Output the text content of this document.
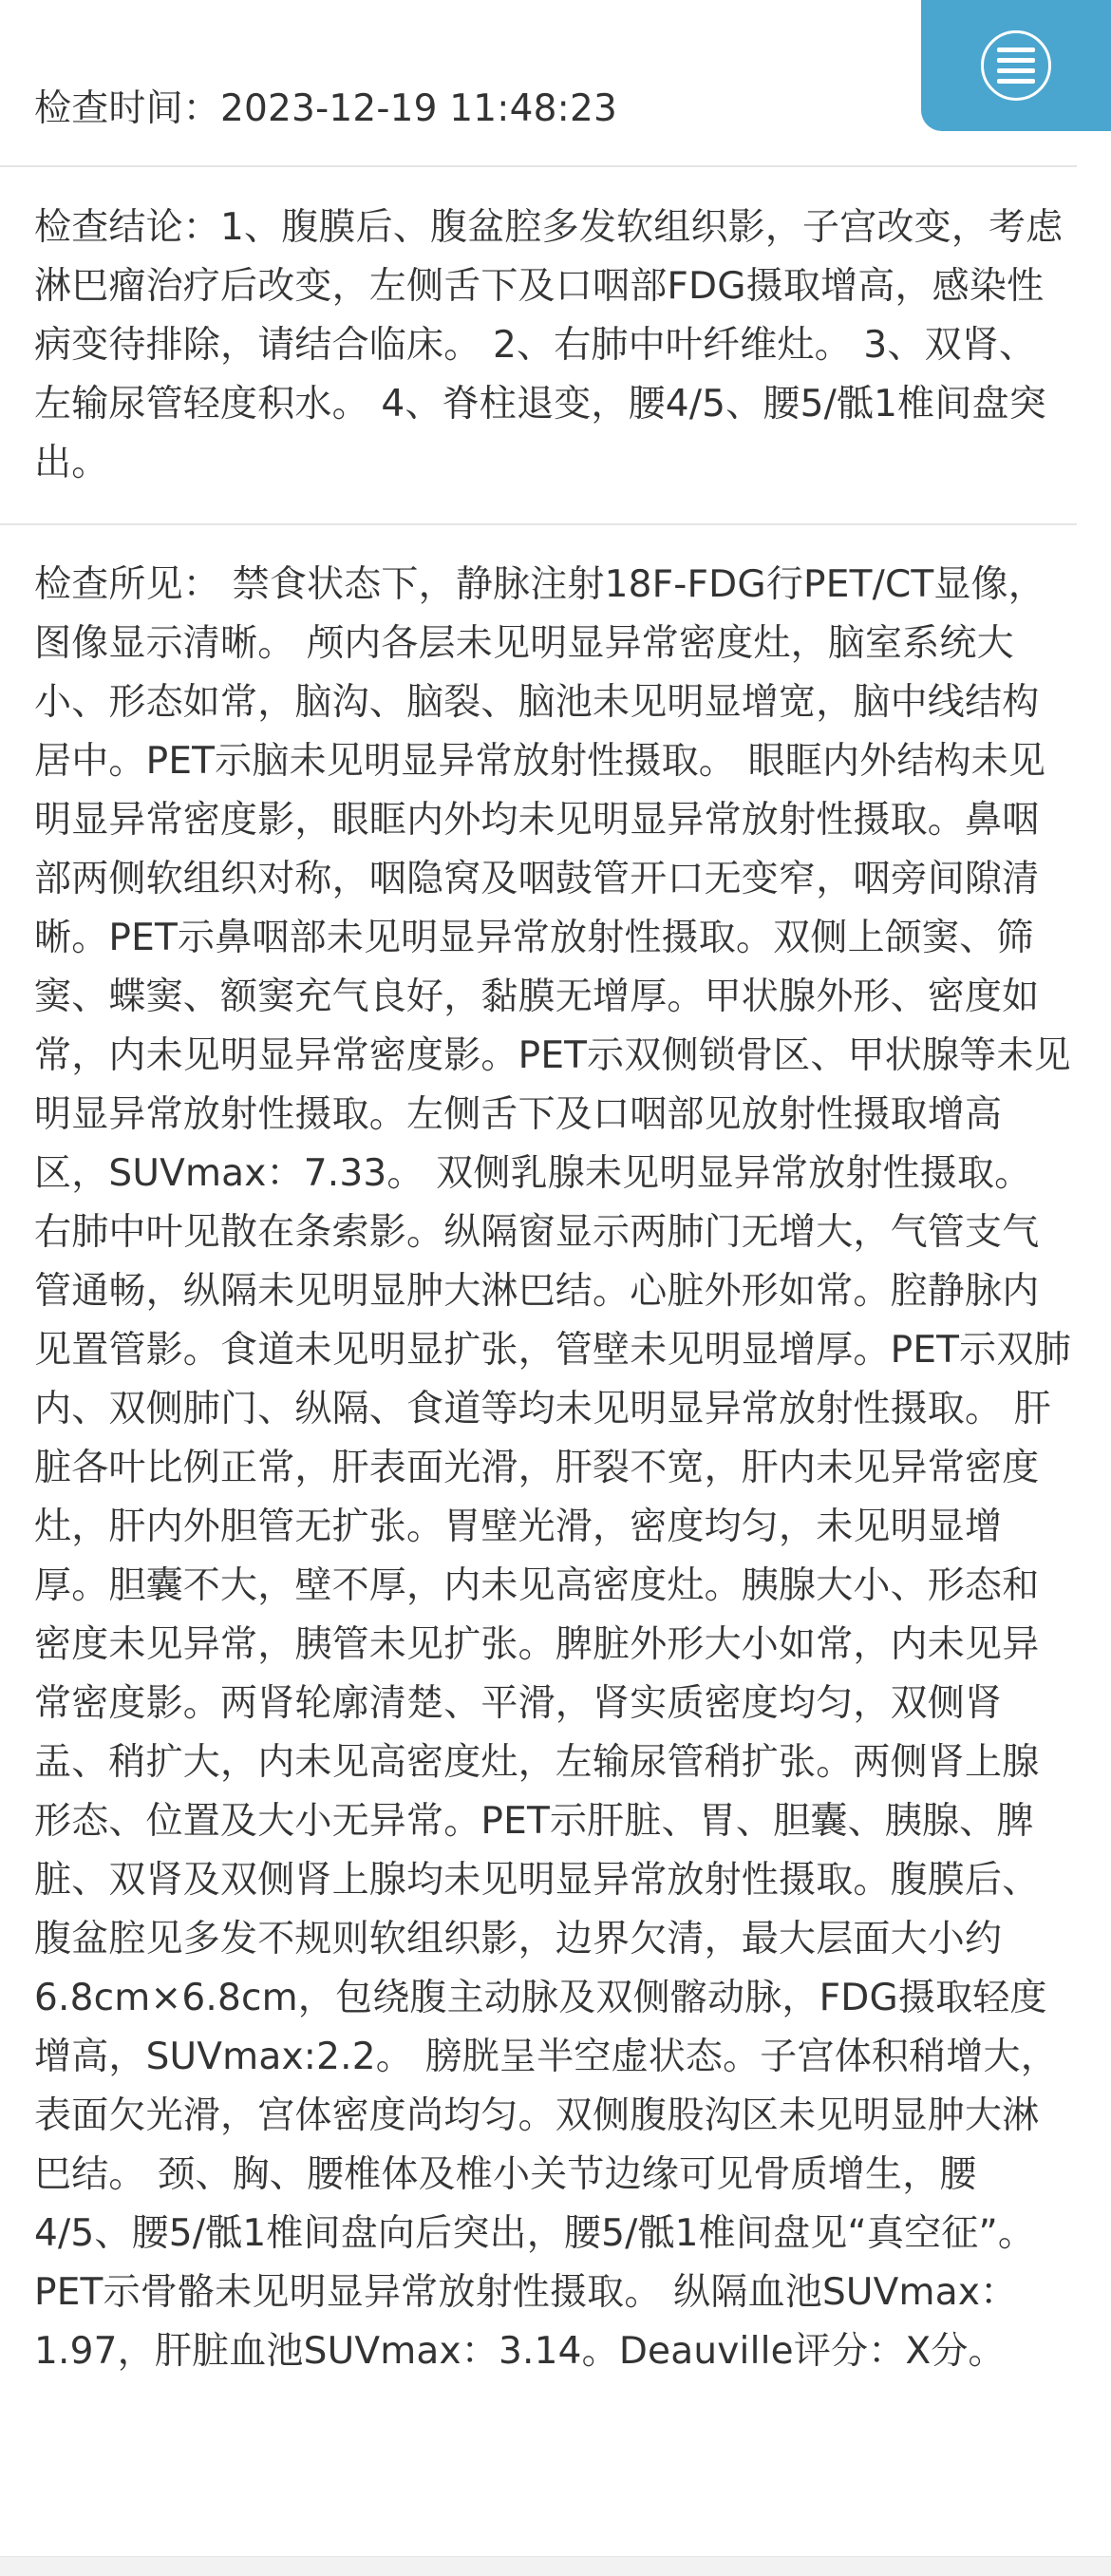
检查时间：2023-12-19 11:48:23
检查结论：1、腹膜后、腹盆腔多发软组织影，子宫改变，考虑淋巴瘤治疗后改变，左侧舌下及口咽部FDG摄取增高，感染性病变待排除，请结合临床。 2、右肺中叶纤维灶。 3、双肾、左输尿管轻度积水。 4、脊柱退变，腰4/5、腰5/骶1椎间盘突出。
检查所见： 禁食状态下，静脉注射18F-FDG行PET/CT显像，图像显示清晰。 颅内各层未见明显异常密度灶，脑室系统大小、形态如常，脑沟、脑裂、脑池未见明显增宽，脑中线结构居中。PET示脑未见明显异常放射性摄取。 眼眶内外结构未见明显异常密度影，眼眶内外均未见明显异常放射性摄取。鼻咽部两侧软组织对称，咽隐窝及咽鼓管开口无变窄，咽旁间隙清晰。PET示鼻咽部未见明显异常放射性摄取。双侧上颌窦、筛窦、蝶窦、额窦充气良好，黏膜无增厚。甲状腺外形、密度如常，内未见明显异常密度影。PET示双侧锁骨区、甲状腺等未见明显异常放射性摄取。左侧舌下及口咽部见放射性摄取增高区，SUVmax：7.33。 双侧乳腺未见明显异常放射性摄取。 右肺中叶见散在条索影。纵隔窗显示两肺门无增大，气管支气管通畅，纵隔未见明显肿大淋巴结。心脏外形如常。腔静脉内见置管影。食道未见明显扩张，管壁未见明显增厚。PET示双肺内、双侧肺门、纵隔、食道等均未见明显异常放射性摄取。 肝脏各叶比例正常，肝表面光滑，肝裂不宽，肝内未见异常密度灶，肝内外胆管无扩张。胃壁光滑，密度均匀，未见明显增厚。胆囊不大，壁不厚，内未见高密度灶。胰腺大小、形态和密度未见异常，胰管未见扩张。脾脏外形大小如常，内未见异常密度影。两肾轮廓清楚、平滑，肾实质密度均匀，双侧肾盂、稍扩大，内未见高密度灶，左输尿管稍扩张。两侧肾上腺形态、位置及大小无异常。PET示肝脏、胃、胆囊、胰腺、脾脏、双肾及双侧肾上腺均未见明显异常放射性摄取。腹膜后、腹盆腔见多发不规则软组织影，边界欠清，最大层面大小约6.8cm×6.8cm，包绕腹主动脉及双侧髂动脉，FDG摄取轻度增高，SUVmax:2.2。 膀胱呈半空虚状态。子宫体积稍增大，表面欠光滑，宫体密度尚均匀。双侧腹股沟区未见明显肿大淋巴结。 颈、胸、腰椎体及椎小关节边缘可见骨质增生，腰4/5、腰5/骶1椎间盘向后突出，腰5/骶1椎间盘见“真空征”。PET示骨骼未见明显异常放射性摄取。 纵隔血池SUVmax：1.97，肝脏血池SUVmax：3.14。Deauville评分：X分。
